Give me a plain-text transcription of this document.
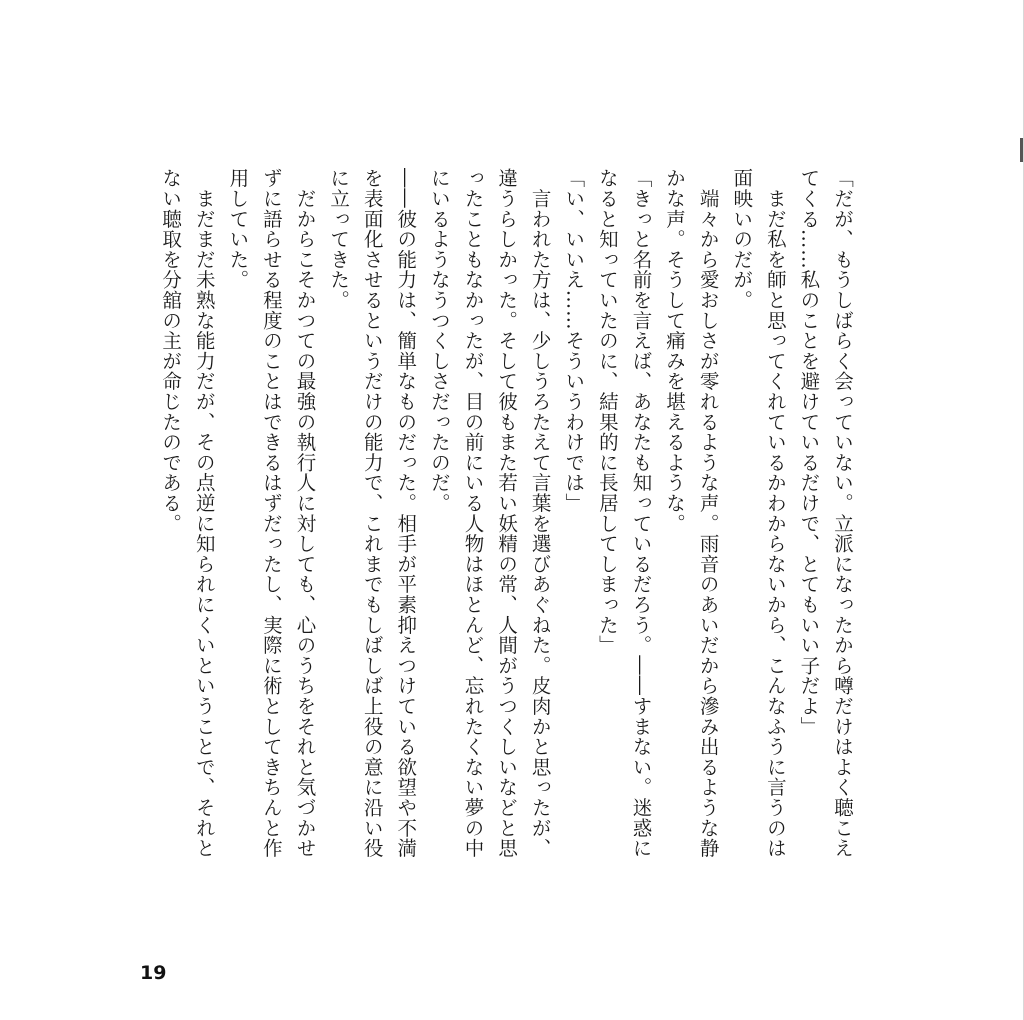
「だが、もうしばらく会っていない。立派になったから噂だけはよく聴こえ
てくる……私のことを避けているだけで、とてもいい子だよ」
　まだ私を師と思ってくれているかわからないから、こんなふうに言うのは
面映いのだが。
　端々から愛おしさが零れるような声。雨音のあいだから滲み出るような静
かな声。そうして痛みを堪えるような。
「きっと名前を言えば、あなたも知っているだろう。――すまない。迷惑に
なると知っていたのに、結果的に長居してしまった」
「い、いいえ……そういうわけでは」
　言われた方は、少しうろたえて言葉を選びあぐねた。皮肉かと思ったが、
違うらしかった。そして彼もまた若い妖精の常、人間がうつくしいなどと思
ったこともなかったが、目の前にいる人物はほとんど、忘れたくない夢の中
にいるようなうつくしさだったのだ。
――彼の能力は、簡単なものだった。相手が平素抑えつけている欲望や不満
を表面化させるというだけの能力で、これまでもしばしば上役の意に沿い役
に立ってきた。
　だからこそかつての最強の執行人に対しても、心のうちをそれと気づかせ
ずに語らせる程度のことはできるはずだったし、実際に術としてきちんと作
用していた。
　まだまだ未熟な能力だが、その点逆に知られにくいということで、それと
ない聴取を分舘の主が命じたのである。
19
